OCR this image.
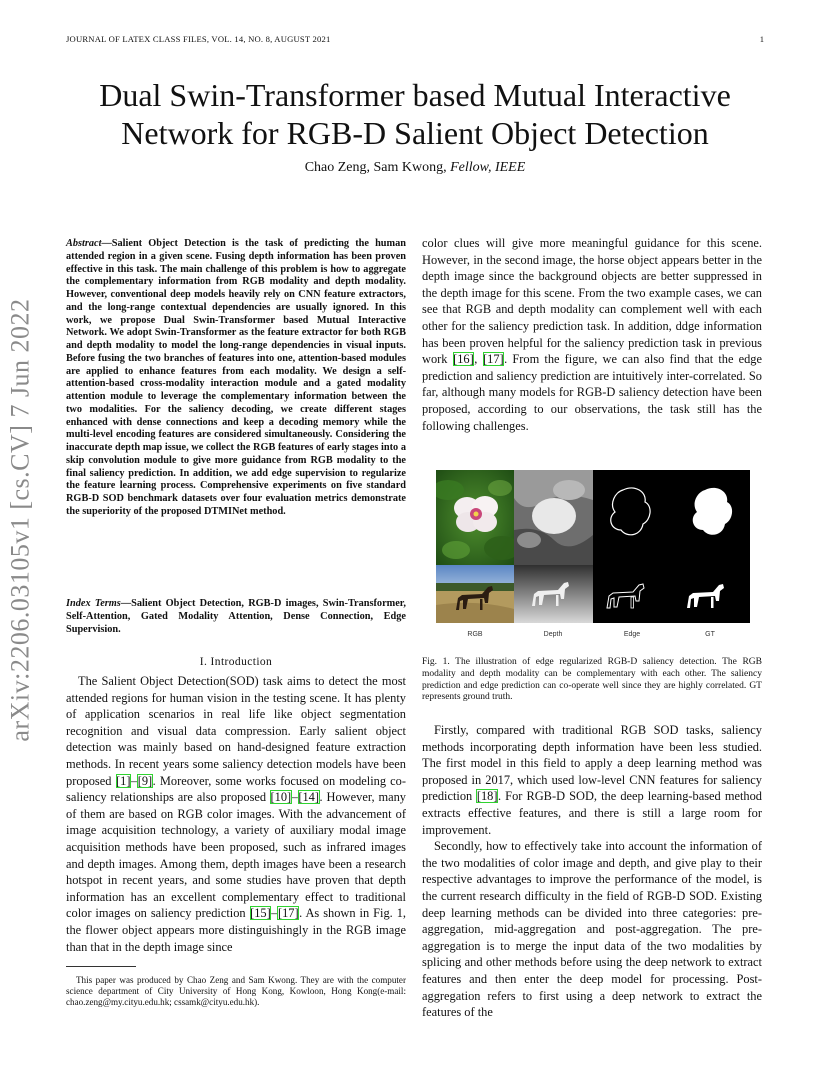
JOURNAL OF LATEX CLASS FILES, VOL. 14, NO. 8, AUGUST 2021	1
arXiv:2206.03105v1 [cs.CV] 7 Jun 2022
Dual Swin-Transformer based Mutual Interactive
Network for RGB-D Salient Object Detection
Chao Zeng, Sam Kwong, Fellow, IEEE
Abstract—Salient Object Detection is the task of predicting the human attended region in a given scene. Fusing depth information has been proven effective in this task. The main challenge of this problem is how to aggregate the complementary information from RGB modality and depth modality. However, conventional deep models heavily rely on CNN feature extractors, and the long-range contextual dependencies are usually ignored. In this work, we propose Dual Swin-Transformer based Mutual Interactive Network. We adopt Swin-Transformer as the feature extractor for both RGB and depth modality to model the long-range dependencies in visual inputs. Before fusing the two branches of features into one, attention-based modules are applied to enhance features from each modality. We design a self-attention-based cross-modality interaction module and a gated modality attention module to leverage the complementary information between the two modalities. For the saliency decoding, we create different stages enhanced with dense connections and keep a decoding memory while the multi-level encoding features are considered simultaneously. Considering the inaccurate depth map issue, we collect the RGB features of early stages into a skip convolution module to give more guidance from RGB modality to the final saliency prediction. In addition, we add edge supervision to regularize the feature learning process. Comprehensive experiments on five standard RGB-D SOD benchmark datasets over four evaluation metrics demonstrate the superiority of the proposed DTMINet method.
Index Terms—Salient Object Detection, RGB-D images, Swin-Transformer, Self-Attention, Gated Modality Attention, Dense Connection, Edge Supervision.
I. Introduction
The Salient Object Detection(SOD) task aims to detect the most attended regions for human vision in the testing scene. It has plenty of application scenarios in real life like object segmentation recognition and visual data compression. Early salient object detection was mainly based on hand-designed feature extraction methods. In recent years some saliency detection models have been proposed [1]–[9]. Moreover, some works focused on modeling co-saliency relationships are also proposed [10]–[14]. However, many of them are based on RGB color images. With the advancement of image acquisition technology, a variety of auxiliary modal image acquisition methods have been proposed, such as infrared images and depth images. Among them, depth images have been a research hotspot in recent years, and some studies have proven that depth information has an excellent complementary effect to traditional color images on saliency prediction [15]–[17]. As shown in Fig. 1, the flower object appears more distinguishingly in the RGB image than that in the depth image since
This paper was produced by Chao Zeng and Sam Kwong. They are with the computer science department of City University of Hong Kong, Kowloon, Hong Kong(e-mail: chao.zeng@my.cityu.edu.hk; cssamk@cityu.edu.hk).
color clues will give more meaningful guidance for this scene. However, in the second image, the horse object appears better in the depth image since the background objects are better suppressed in the depth image for this scene. From the two example cases, we can see that RGB and depth modality can complement well with each other for the saliency prediction task. In addition, ddge information has been proven helpful for the saliency prediction task in previous work [16], [17]. From the figure, we can also find that the edge prediction and saliency prediction are intuitively inter-correlated. So far, although many models for RGB-D saliency detection have been proposed, according to our observations, the task still has the following challenges.
RGB	Depth	Edge	GT
Fig. 1. The illustration of edge regularized RGB-D saliency detection. The RGB modality and depth modality can be complementary with each other. The saliency prediction and edge prediction can co-operate well since they are highly correlated. GT represents ground truth.

Firstly, compared with traditional RGB SOD tasks, saliency methods incorporating depth information have been less studied. The first model in this field to apply a deep learning method was proposed in 2017, which used low-level CNN features for saliency prediction [18]. For RGB-D SOD, the deep learning-based method extracts effective features, and there is still a large room for improvement.

Secondly, how to effectively take into account the information of the two modalities of color image and depth, and give play to their respective advantages to improve the performance of the model, is the current research difficulty in the field of RGB-D SOD. Existing deep learning methods can be divided into three categories: pre-aggregation, mid-aggregation and post-aggregation. The pre-aggregation is to merge the input data of the two modalities by splicing and other methods before using the deep network to extract features and then enter the deep model for processing. Post-aggregation refers to first using a deep network to extract the features of the
